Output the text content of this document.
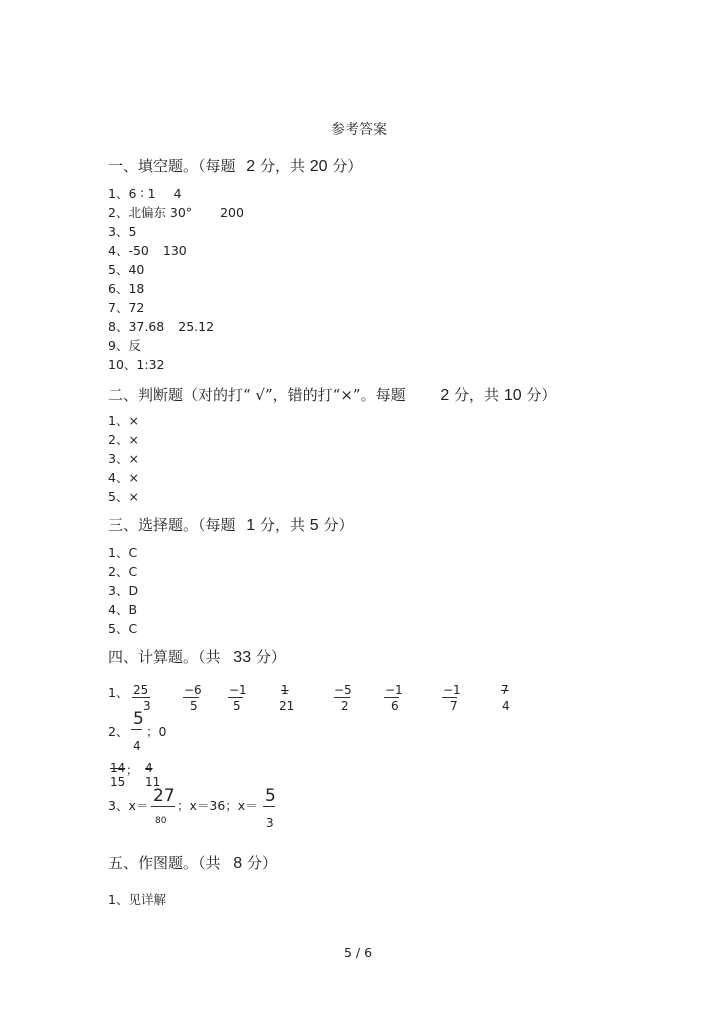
参考答案
一、填空题。（每题 2 分，共 20 分）
1、6 ∶ 1 4
2、北偏东 30° 200
3、5
4、-50 130
5、40
6、18
7、72
8、37.68 25.12
9、反
10、1:32
二、判断题（对的打“ √”，错的打“×”。每题 2 分，共 10 分）
1、×
2、×
3、×
4、×
5、×
三、选择题。（每题 1 分，共 5 分）
1、C
2、C
3、D
4、B
5、C
四、计算题。（共 33 分）
1、 25
3
−6
5
−1
5
1
21
−5
2
−1
6
−1
7
7
4
2、
5
4
；0
14 ； 4
15 11
3、x＝ 27
80
；x＝36；x＝ 5
3
五、作图题。（共 8 分）
1、见详解
5 / 6
